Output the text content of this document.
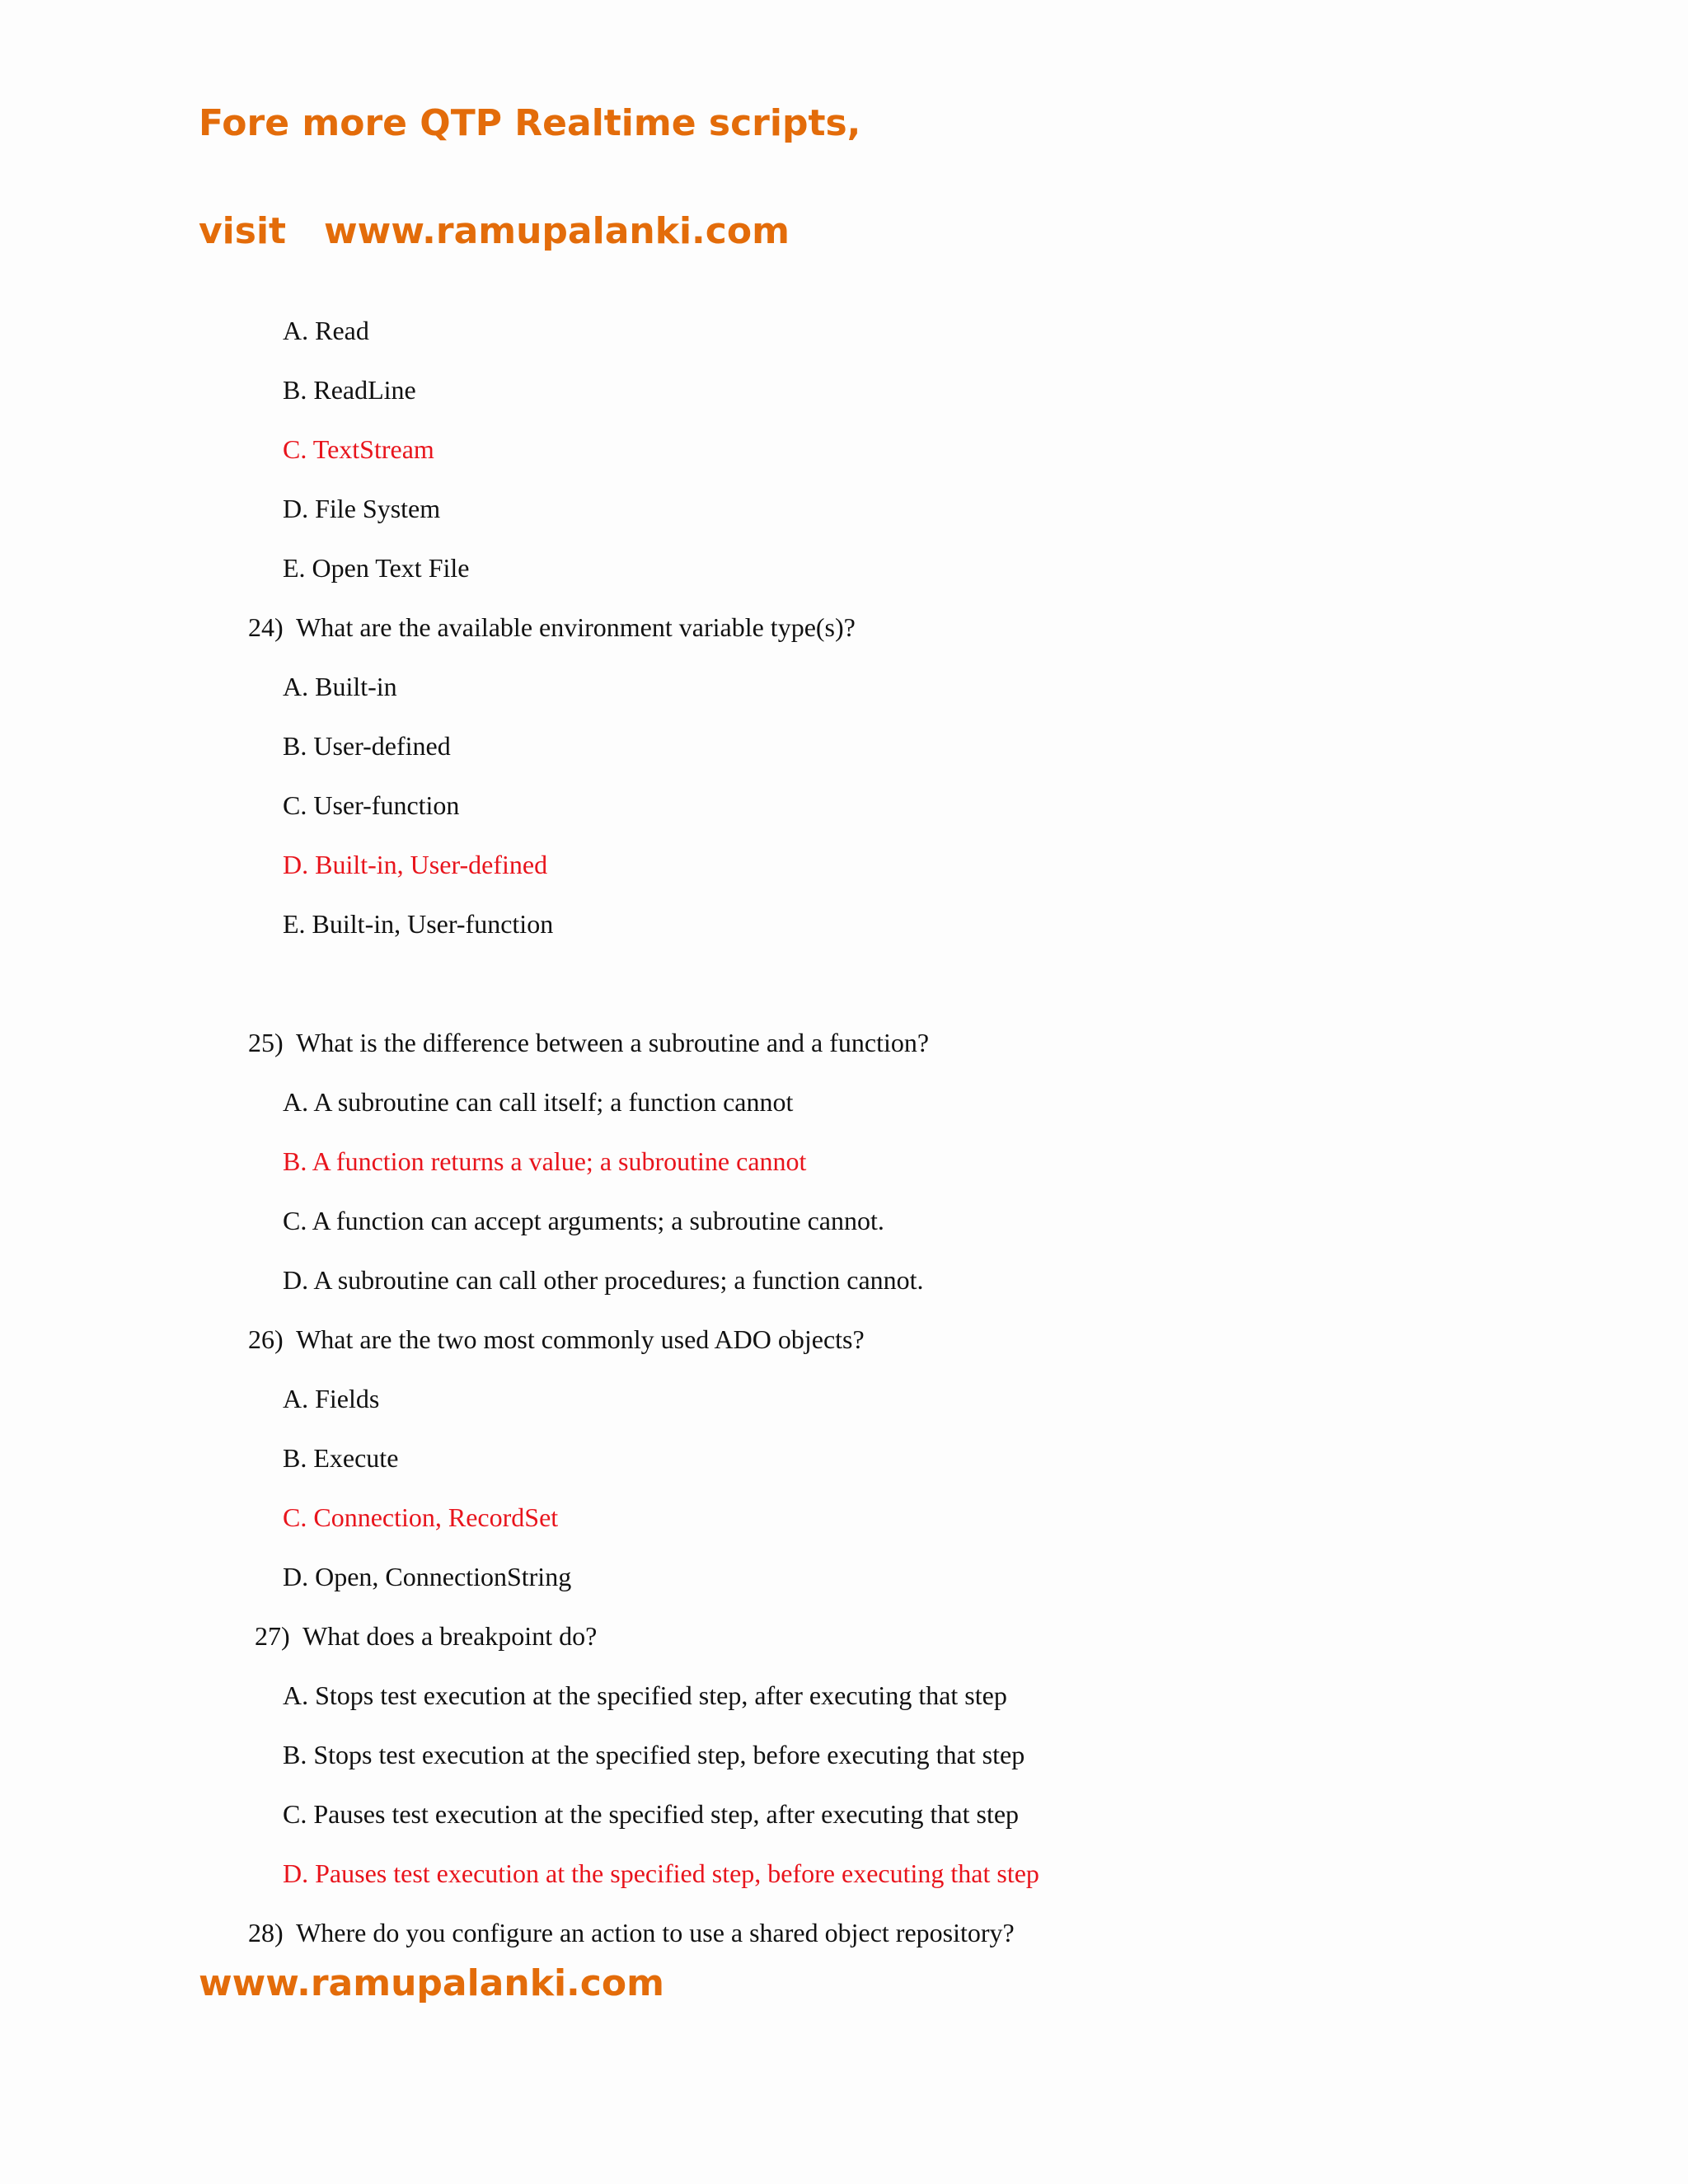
Fore more QTP Realtime scripts,
visit   www.ramupalanki.com
A. Read
B. ReadLine
C. TextStream
D. File System
E. Open Text File
24)  What are the available environment variable type(s)?
A. Built-in
B. User-defined
C. User-function
D. Built-in, User-defined
E. Built-in, User-function
25)  What is the difference between a subroutine and a function?
A. A subroutine can call itself; a function cannot
B. A function returns a value; a subroutine cannot
C. A function can accept arguments; a subroutine cannot.
D. A subroutine can call other procedures; a function cannot.
26)  What are the two most commonly used ADO objects?
A. Fields
B. Execute
C. Connection, RecordSet
D. Open, ConnectionString
27)  What does a breakpoint do?
A. Stops test execution at the specified step, after executing that step
B. Stops test execution at the specified step, before executing that step
C. Pauses test execution at the specified step, after executing that step
D. Pauses test execution at the specified step, before executing that step
28)  Where do you configure an action to use a shared object repository?
www.ramupalanki.com
